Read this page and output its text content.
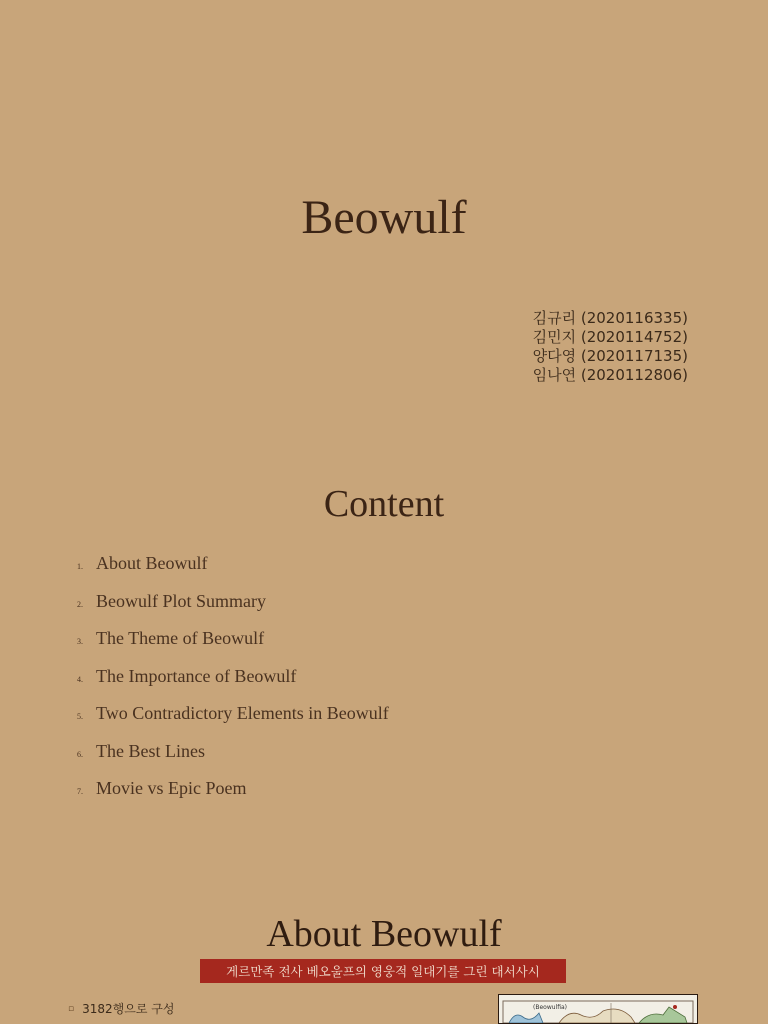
Beowulf
김규리 (2020116335)
김민지 (2020114752)
양다영 (2020117135)
임나연 (2020112806)
Content
1. About Beowulf
2. Beowulf Plot Summary
3. The Theme of Beowulf
4. The Importance of Beowulf
5. Two Contradictory Elements in Beowulf
6. The Best Lines
7. Movie vs Epic Poem
About Beowulf
게르만족 전사 베오울프의 영웅적 일대기를 그린 대서사시
▫ 3182행으로 구성	(Beowulfia)
